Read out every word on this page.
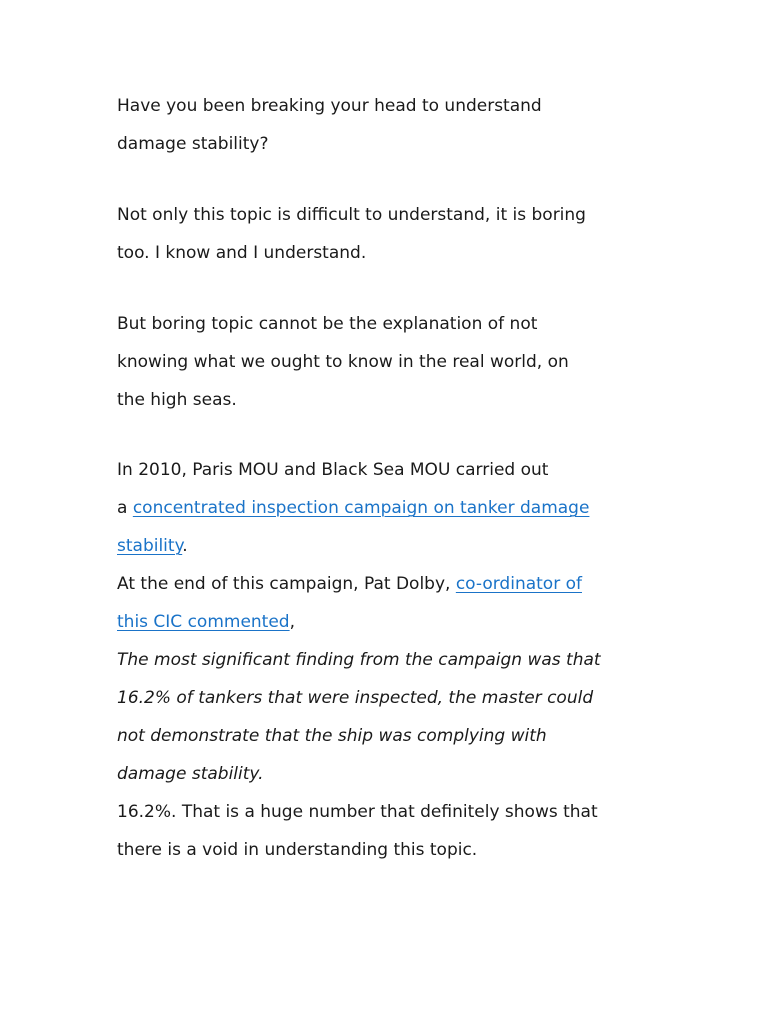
Have you been breaking your head to understand
damage stability?
Not only this topic is difficult to understand, it is boring
too. I know and I understand.
But boring topic cannot be the explanation of not
knowing what we ought to know in the real world, on
the high seas.
In 2010, Paris MOU and Black Sea MOU carried out
a concentrated inspection campaign on tanker damage
stability.
At the end of this campaign, Pat Dolby, co-ordinator of
this CIC commented,
The most significant finding from the campaign was that
16.2% of tankers that were inspected, the master could
not demonstrate that the ship was complying with
damage stability.
16.2%. That is a huge number that definitely shows that
there is a void in understanding this topic.
